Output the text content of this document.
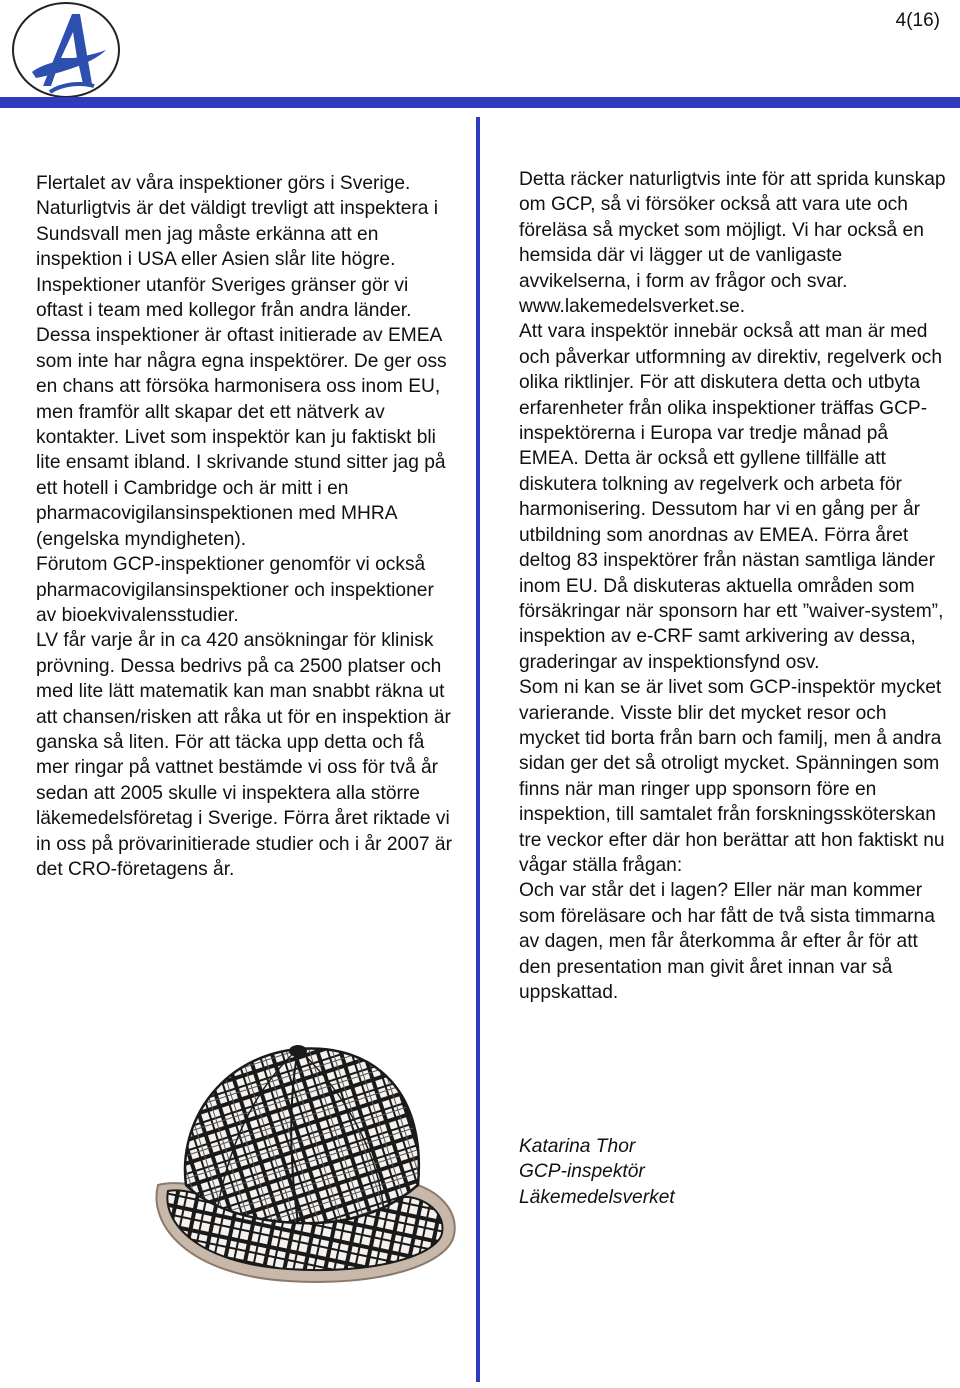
4(16)

Flertalet av våra inspektioner görs i Sverige. Naturligtvis är det väldigt trevligt att inspektera i Sundsvall men jag måste erkänna att en inspektion i USA eller Asien slår lite högre. Inspektioner utanför Sveriges gränser gör vi oftast i team med kollegor från andra länder. Dessa inspektioner är oftast initierade av EMEA som inte har några egna inspektörer. De ger oss en chans att försöka harmonisera oss inom EU, men framför allt skapar det ett nätverk av kontakter. Livet som inspektör kan ju faktiskt bli lite ensamt ibland. I skrivande stund sitter jag på ett hotell i Cambridge och är mitt i en pharmacovigilansinspektionen med MHRA (engelska myndigheten).

Förutom GCP-inspektioner genomför vi också pharmacovigilansinspektioner och inspektioner av bioekvivalensstudier.

LV får varje år in ca 420 ansökningar för klinisk prövning. Dessa bedrivs på ca 2500 platser och med lite lätt matematik kan man snabbt räkna ut att chansen/risken att råka ut för en inspektion är ganska så liten. För att täcka upp detta och få mer ringar på vattnet bestämde vi oss för två år sedan att 2005 skulle vi inspektera alla större läkemedelsföretag i Sverige. Förra året riktade vi in oss på prövarinitierade studier och i år 2007 är det CRO-företagens år.

Detta räcker naturligtvis inte för att sprida kunskap om GCP, så vi försöker också att vara ute och föreläsa så mycket som möjligt. Vi har också en hemsida där vi lägger ut de vanligaste avvikelserna, i form av frågor och svar. www.lakemedelsverket.se.

Att vara inspektör innebär också att man är med och påverkar utformning av direktiv, regelverk och olika riktlinjer. För att diskutera detta och utbyta erfarenheter från olika inspektioner träffas GCP- inspektörerna i Europa var tredje månad på EMEA. Detta är också ett gyllene tillfälle att diskutera tolkning av regelverk och arbeta för harmonisering. Dessutom har vi en gång per år utbildning som anordnas av EMEA. Förra året deltog 83 inspektörer från nästan samtliga länder inom EU. Då diskuteras aktuella områden som försäkringar när sponsorn har ett ”waiver-system”, inspektion av e-CRF samt arkivering av dessa, graderingar av inspektionsfynd osv.

Som ni kan se är livet som GCP-inspektör mycket varierande. Visste blir det mycket resor och mycket tid borta från barn och familj, men å andra sidan ger det så otroligt mycket. Spänningen som finns när man ringer upp sponsorn före en inspektion, till samtalet från forskningssköterskan tre veckor efter där hon berättar att hon faktiskt nu vågar ställa frågan:

Och var står det i lagen? Eller när man kommer som föreläsare och har fått de två sista timmarna av dagen, men får återkomma år efter år för att den presentation man givit året innan var så uppskattad.

Katarina Thor
GCP-inspektör
Läkemedelsverket
